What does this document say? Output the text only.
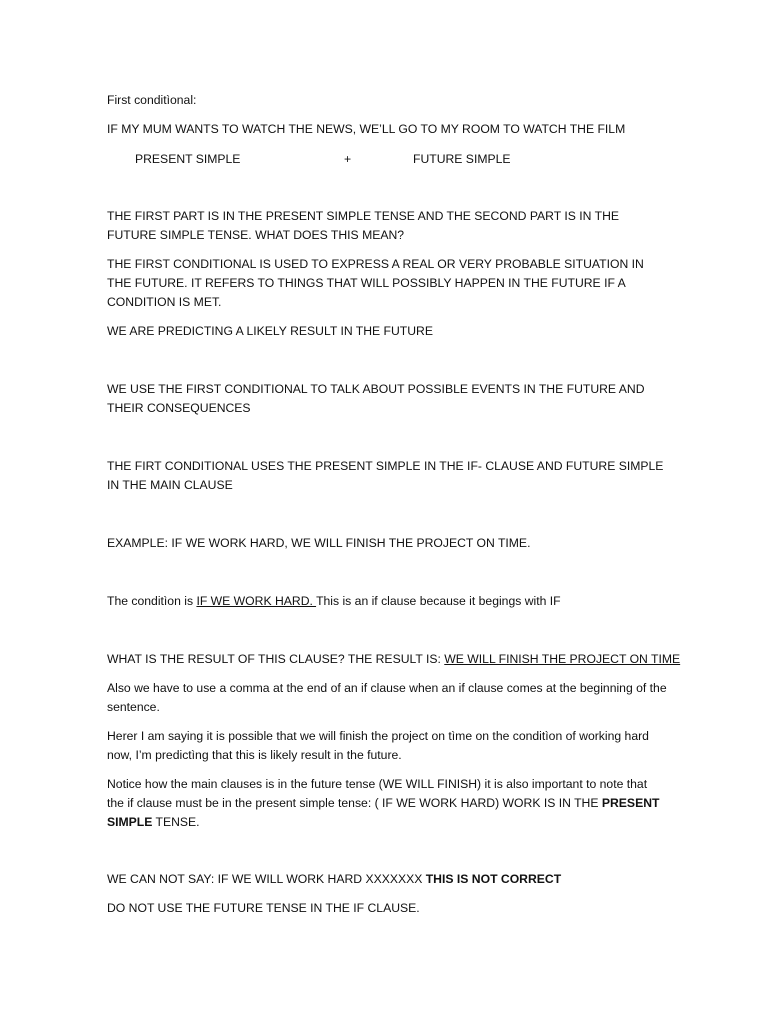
First conditìonal:

IF MY MUM WANTS TO WATCH THE NEWS, WE’LL GO TO MY ROOM TO WATCH THE FILM

PRESENT SIMPLE	+	FUTURE SIMPLE

THE FIRST PART IS IN THE PRESENT SIMPLE TENSE AND THE SECOND PART IS IN THE FUTURE SIMPLE TENSE. WHAT DOES THIS MEAN?

THE FIRST CONDITIONAL IS USED TO EXPRESS A REAL OR VERY PROBABLE SITUATION IN THE FUTURE. IT REFERS TO THINGS THAT WILL POSSIBLY HAPPEN IN THE FUTURE IF A CONDITION IS MET.

WE ARE PREDICTING A LIKELY RESULT IN THE FUTURE

WE USE THE FIRST CONDITIONAL TO TALK ABOUT POSSIBLE EVENTS IN THE FUTURE AND THEIR CONSEQUENCES

THE FIRT CONDITIONAL USES THE PRESENT SIMPLE IN THE IF- CLAUSE AND FUTURE SIMPLE IN THE MAIN CLAUSE

EXAMPLE: IF WE WORK HARD, WE WILL FINISH THE PROJECT ON TIME.

The conditìon is IF WE WORK HARD. This is an if clause because it begings with IF

WHAT IS THE RESULT OF THIS CLAUSE? THE RESULT IS: WE WILL FINISH THE PROJECT ON TIME

Also we have to use a comma at the end of an if clause when an if clause comes at the beginning of the sentence.

Herer I am saying it is possible that we will finish the project on tìme on the conditìon of working hard now, I’m predictìng that this is likely result in the future.

Notice how the main clauses is in the future tense (WE WILL FINISH) it is also important to note that the if clause must be in the present simple tense: ( IF WE WORK HARD) WORK IS IN THE PRESENT SIMPLE TENSE.

WE CAN NOT SAY: IF WE WILL WORK HARD XXXXXXX THIS IS NOT CORRECT

DO NOT USE THE FUTURE TENSE IN THE IF CLAUSE.
